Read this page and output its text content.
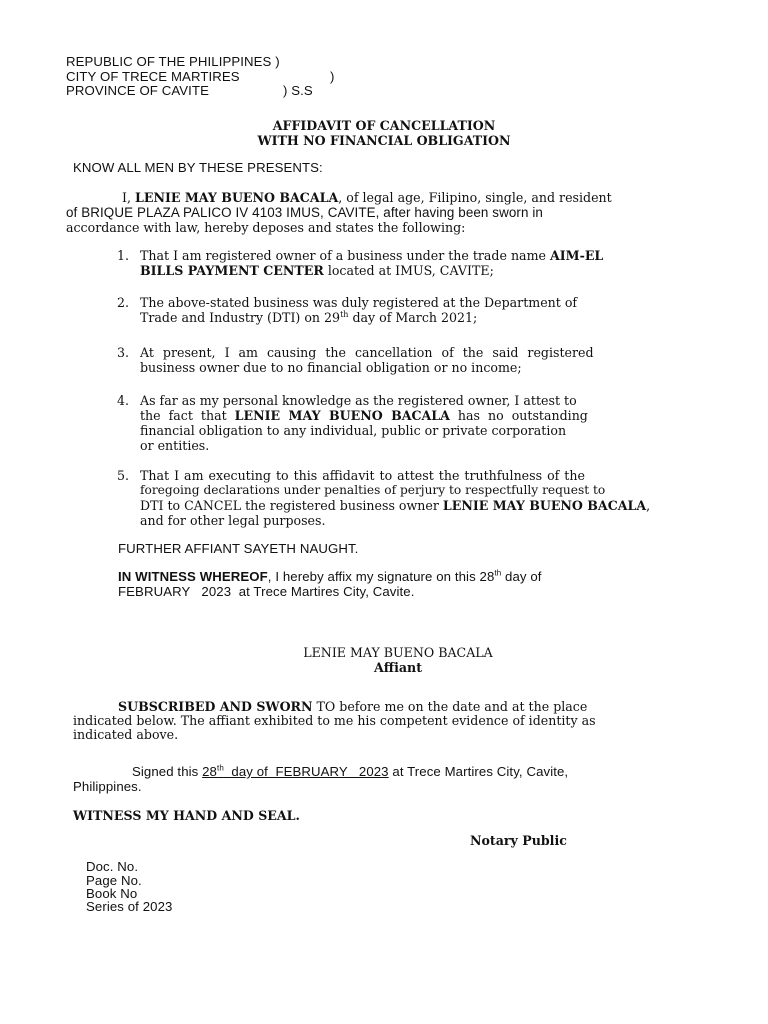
REPUBLIC OF THE PHILIPPINES )
CITY OF TRECE MARTIRES	)
PROVINCE OF CAVITE	) S.S
AFFIDAVIT OF CANCELLATION
WITH NO FINANCIAL OBLIGATION
KNOW ALL MEN BY THESE PRESENTS:
I, LENIE MAY BUENO BACALA, of legal age, Filipino, single, and resident
of BRIQUE PLAZA PALICO IV 4103 IMUS, CAVITE, after having been sworn in
accordance with law, hereby deposes and states the following:
1. That I am registered owner of a business under the trade name AIM-EL
BILLS PAYMENT CENTER located at IMUS, CAVITE;
2. The above-stated business was duly registered at the Department of
Trade and Industry (DTI) on 29th day of March 2021;
3. At present, I am causing the cancellation of the said registered
business owner due to no financial obligation or no income;
4. As far as my personal knowledge as the registered owner, I attest to
the fact that LENIE MAY BUENO BACALA has no outstanding
financial obligation to any individual, public or private corporation
or entities.
5. That I am executing to this affidavit to attest the truthfulness of the
foregoing declarations under penalties of perjury to respectfully request to
DTI to CANCEL the registered business owner LENIE MAY BUENO BACALA,
and for other legal purposes.
FURTHER AFFIANT SAYETH NAUGHT.
IN WITNESS WHEREOF, I hereby affix my signature on this 28th day of
FEBRUARY   2023  at Trece Martires City, Cavite.
LENIE MAY BUENO BACALA
Affiant
SUBSCRIBED AND SWORN TO before me on the date and at the place
indicated below. The affiant exhibited to me his competent evidence of identity as
indicated above.
Signed this 28th  day of  FEBRUARY   2023 at Trece Martires City, Cavite,
Philippines.
WITNESS MY HAND AND SEAL.
Notary Public
Doc. No.
Page No.
Book No
Series of 2023
